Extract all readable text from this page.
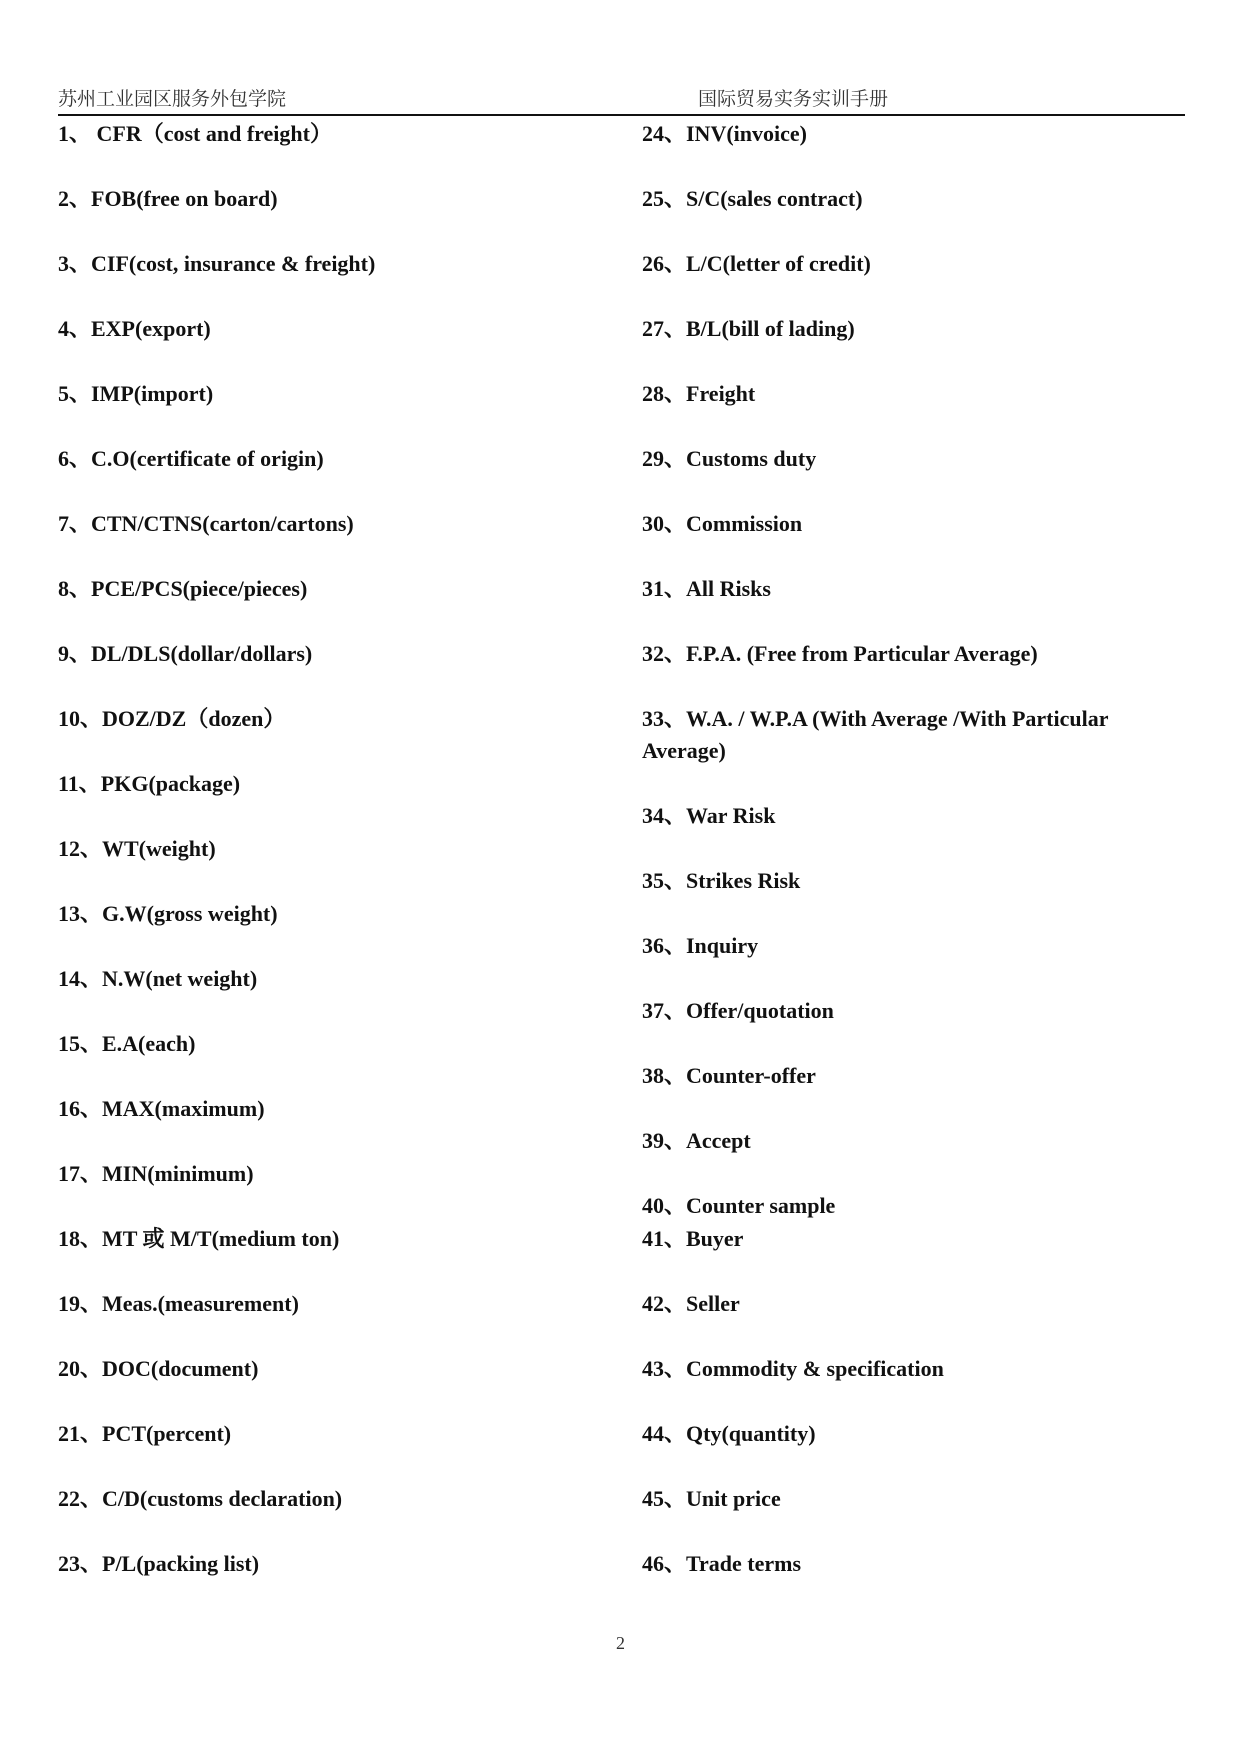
苏州工业园区服务外包学院	国际贸易实务实训手册
1、 CFR（cost and freight）
2、FOB(free on board)
3、CIF(cost, insurance & freight)
4、EXP(export)
5、IMP(import)
6、C.O(certificate of origin)
7、CTN/CTNS(carton/cartons)
8、PCE/PCS(piece/pieces)
9、DL/DLS(dollar/dollars)
10、DOZ/DZ（dozen）
11、PKG(package)
12、WT(weight)
13、G.W(gross weight)
14、N.W(net weight)
15、E.A(each)
16、MAX(maximum)
17、MIN(minimum)
18、MT 或 M/T(medium ton)
19、Meas.(measurement)
20、DOC(document)
21、PCT(percent)
22、C/D(customs declaration)
23、P/L(packing list)
24、INV(invoice)
25、S/C(sales contract)
26、L/C(letter of credit)
27、B/L(bill of lading)
28、Freight
29、Customs duty
30、Commission
31、All Risks
32、F.P.A. (Free from Particular Average)
33、W.A. / W.P.A (With Average /With Particular Average)
34、War Risk
35、Strikes Risk
36、Inquiry
37、Offer/quotation
38、Counter-offer
39、Accept
40、Counter sample
41、Buyer
42、Seller
43、Commodity & specification
44、Qty(quantity)
45、Unit price
46、Trade terms
2
